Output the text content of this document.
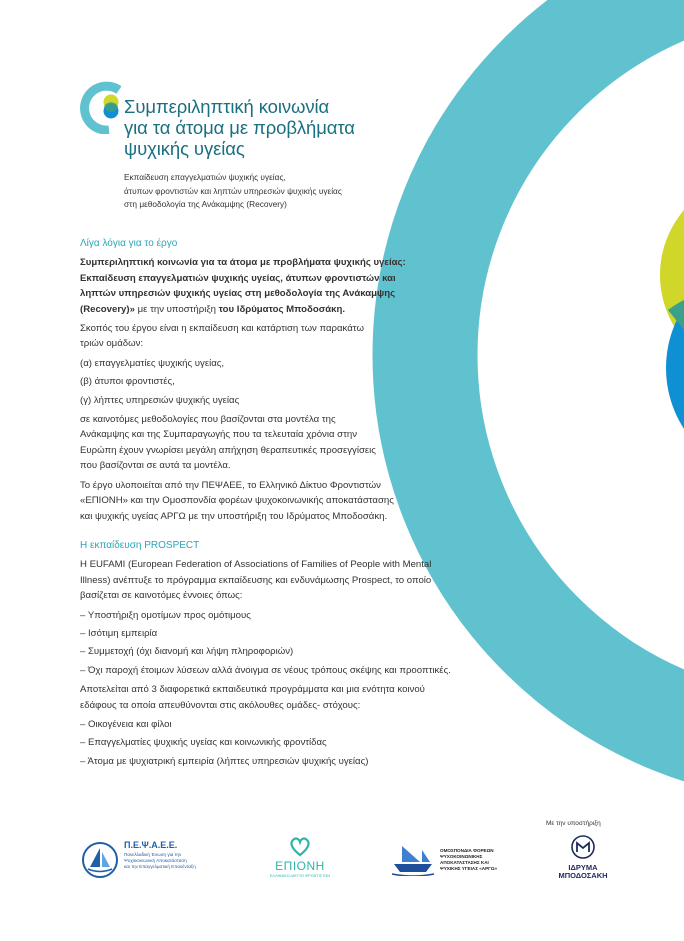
Συμπεριληπτική κοινωνία
για τα άτομα με προβλήματα
ψυχικής υγείας
Εκπαίδευση επαγγελματιών ψυχικής υγείας,
άτυπων φροντιστών και ληπτών υπηρεσιών ψυχικής υγείας
στη μεθοδολογία της Ανάκαμψης (Recovery)
Λίγα λόγια για το έργο
Συμπεριληπτική κοινωνία για τα άτομα με προβλήματα ψυχικής υγείας:
Εκπαίδευση επαγγελματιών ψυχικής υγείας, άτυπων φροντιστών και
ληπτών υπηρεσιών ψυχικής υγείας στη μεθοδολογία της Ανάκαμψης
(Recovery)» με την υποστήριξη του Ιδρύματος Μποδοσάκη.
Σκοπός του έργου είναι η εκπαίδευση και κατάρτιση των παρακάτω
τριών ομάδων:
(α) επαγγελματίες ψυχικής υγείας,
(β) άτυποι φροντιστές,
(γ) λήπτες υπηρεσιών ψυχικής υγείας
σε καινοτόμες μεθοδολογίες που βασίζονται στα μοντέλα της
Ανάκαμψης και της Συμπαραγωγής που τα τελευταία χρόνια στην
Ευρώπη έχουν γνωρίσει μεγάλη απήχηση θεραπευτικές προσεγγίσεις
που βασίζονται σε αυτά τα μοντέλα.
Το έργο υλοποιείται από την ΠΕΨΑΕΕ, το Ελληνικό Δίκτυο Φροντιστών
«ΕΠΙΟΝΗ» και την Ομοσπονδία φορέων ψυχοκοινωνικής αποκατάστασης
και ψυχικής υγείας ΑΡΓΩ με την υποστήριξη του Ιδρύματος Μποδοσάκη.
Η εκπαίδευση PROSPECT
Η EUFAMI (European Federation of Associations of Families of People with Mental
Illness) ανέπτυξε το πρόγραμμα εκπαίδευσης και ενδυνάμωσης Prospect, το οποίο
βασίζεται σε καινοτόμες έννοιες όπως:
– Υποστήριξη ομοτίμων προς ομότιμους
– Ισότιμη εμπειρία
– Συμμετοχή (όχι διανομή και λήψη πληροφοριών)
– Όχι παροχή έτοιμων λύσεων αλλά άνοιγμα σε νέους τρόπους σκέψης και προοπτικές.
Αποτελείται από 3 διαφορετικά εκπαιδευτικά προγράμματα και μια ενότητα κοινού
εδάφους τα οποία απευθύνονται στις ακόλουθες ομάδες- στόχους:
– Οικογένεια και φίλοι
– Επαγγελματίες ψυχικής υγείας και κοινωνικής φροντίδας
– Άτομα με ψυχιατρική εμπειρία (λήπτες υπηρεσιών ψυχικής υγείας)
Με την υποστήριξη
Π.Ε.Ψ.Α.Ε.Ε.
Πανελλαδική Ένωση για την
Ψυχοκοινωνική Αποκατάσταση
και την Επαγγελματική Επανένταξη	ΕΠΙΟΝΗ
ΕΛΛΗΝΙΚΟ ΔΙΚΤΥΟ ΦΡΟΝΤΙΣΤΩΝ
ΟΜΟΣΠΟΝΔΙΑ ΦΟΡΕΩΝ
ΨΥΧΟΚΟΙΝΩΝΙΚΗΣ
ΑΠΟΚΑΤΑΣΤΑΣΗΣ ΚΑΙ
ΨΥΧΙΚΗΣ ΥΓΕΙΑΣ «ΑΡΓΩ»	ΙΔΡΥΜΑ
ΜΠΟΔΟΣΑΚΗ
